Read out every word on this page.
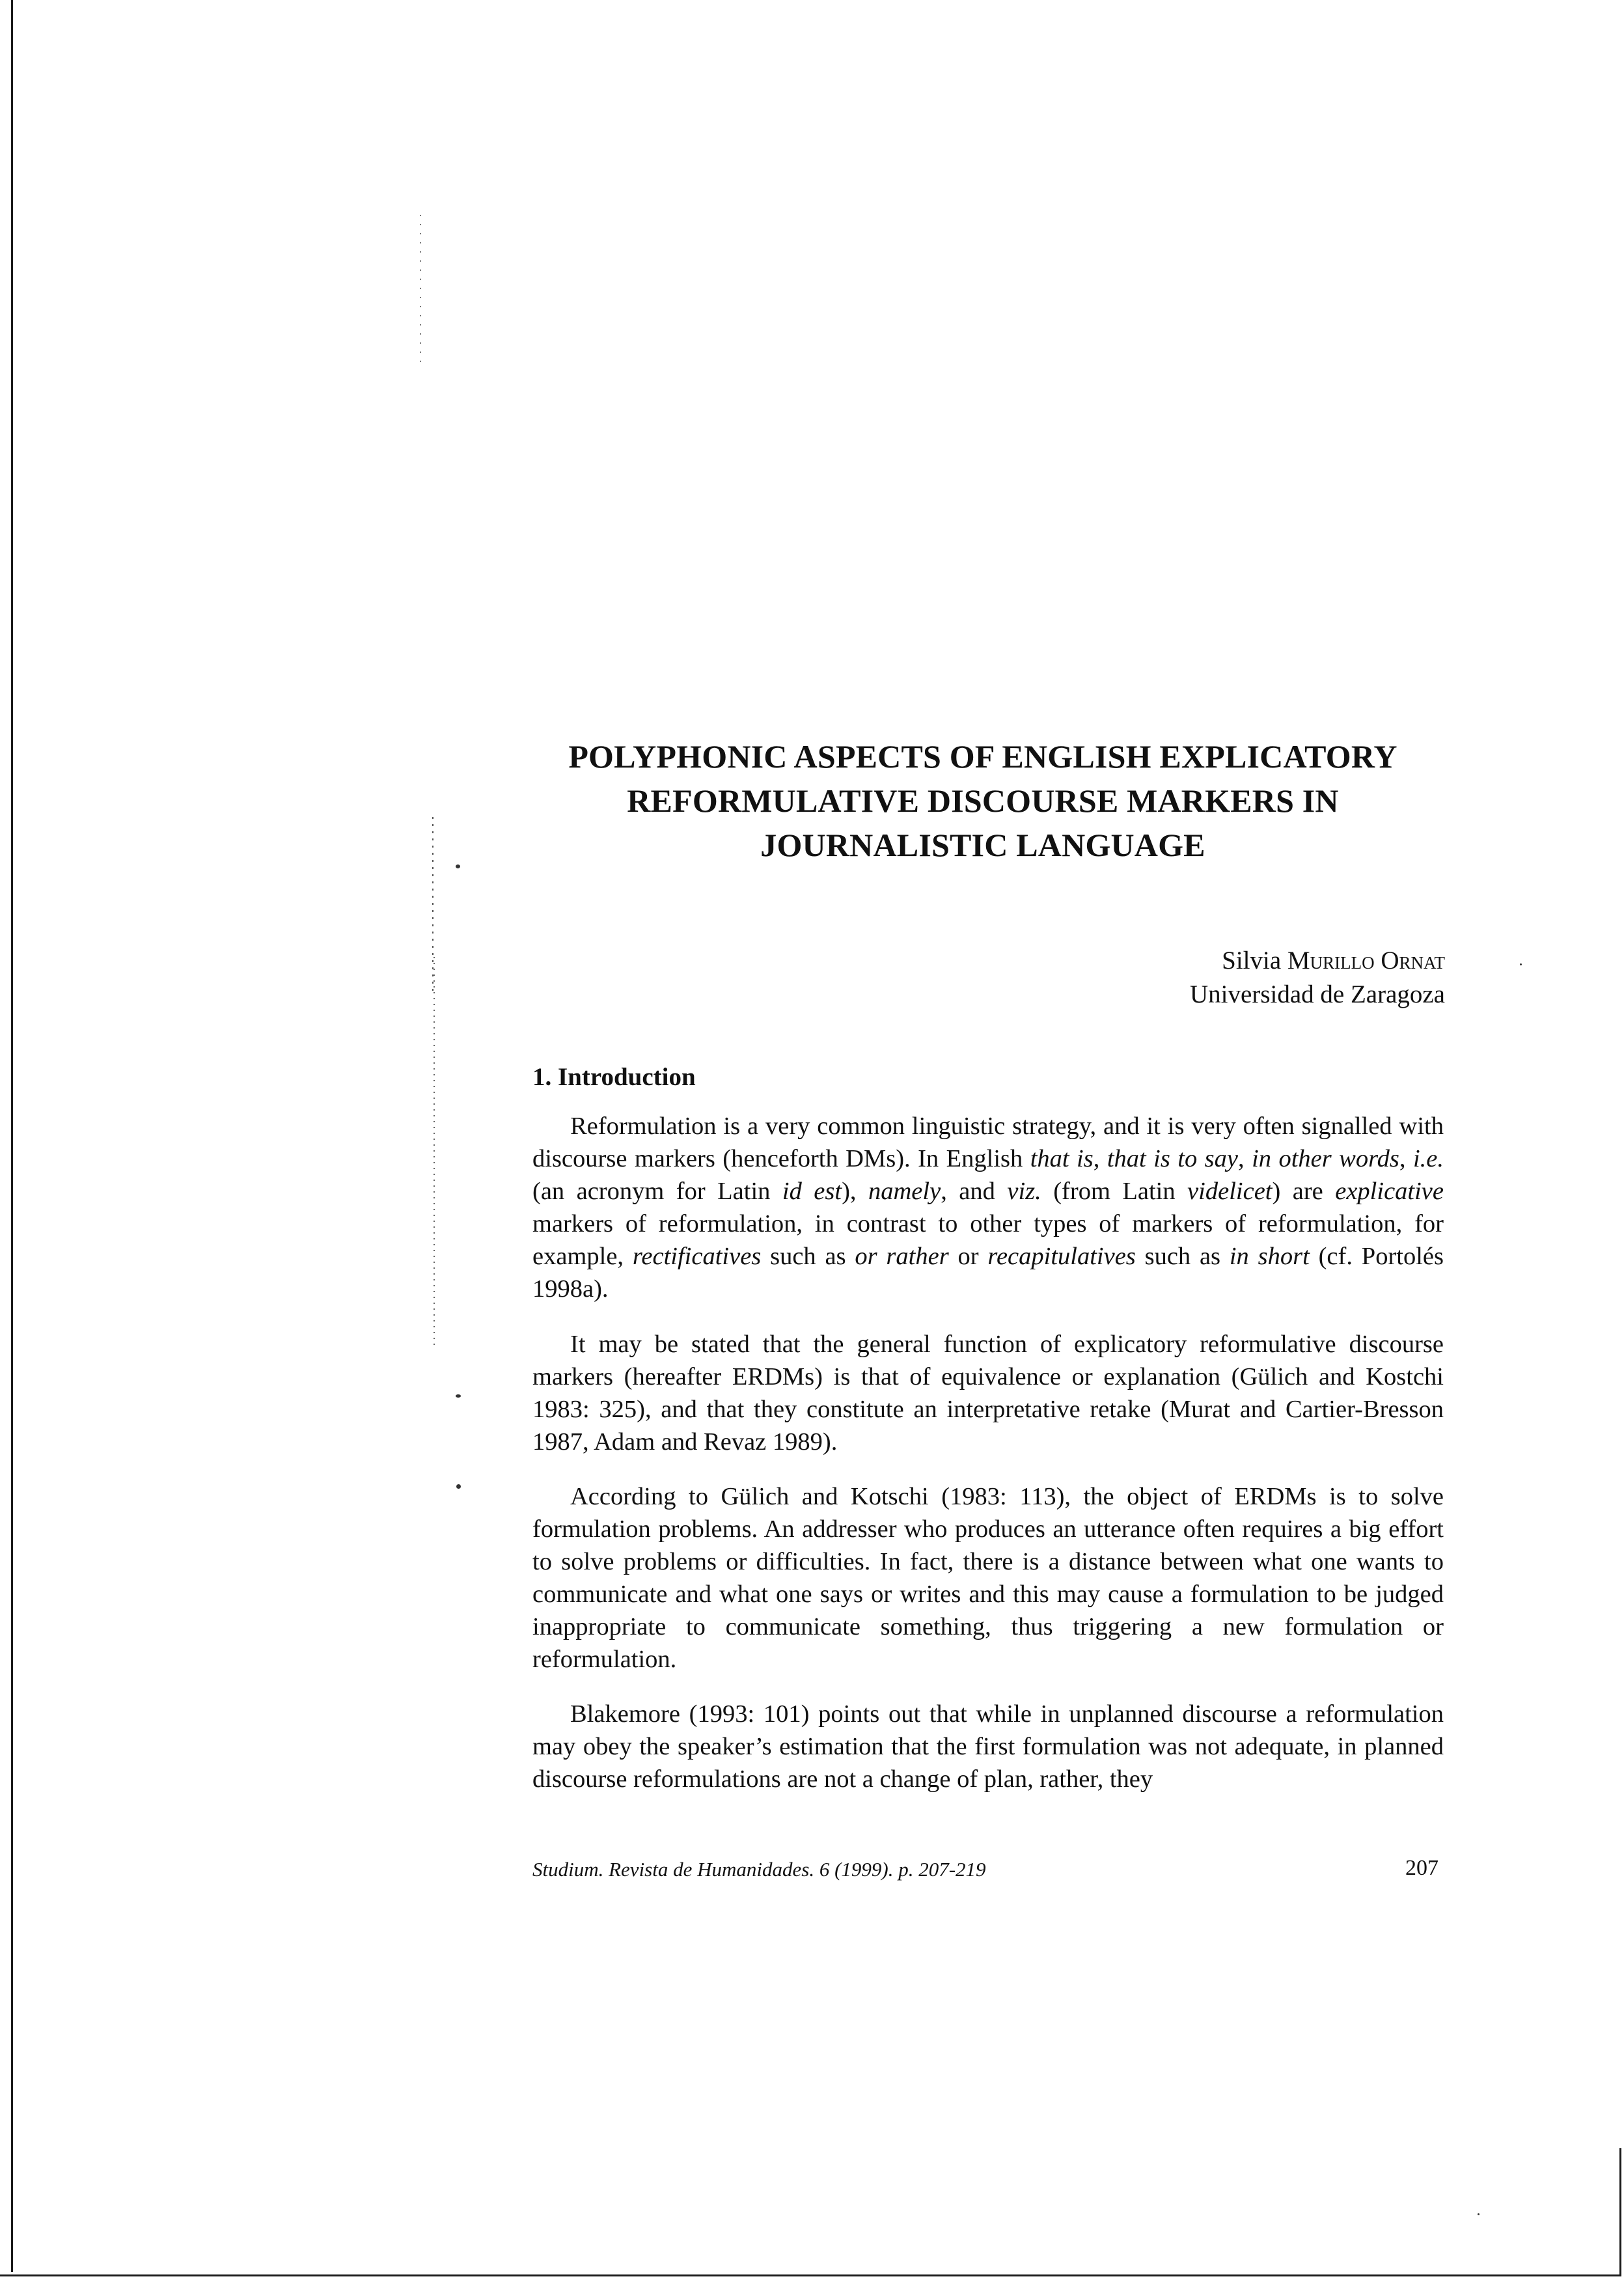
POLYPHONIC ASPECTS OF ENGLISH EXPLICATORY
REFORMULATIVE DISCOURSE MARKERS IN
JOURNALISTIC LANGUAGE
Silvia Murillo Ornat
Universidad de Zaragoza
1. Introduction

Reformulation is a very common linguistic strategy, and it is very often signalled with discourse markers (henceforth DMs). In English that is, that is to say, in other words, i.e. (an acronym for Latin id est), namely, and viz. (from Latin videlicet) are explicative markers of reformulation, in contrast to other types of markers of reformulation, for example, rectificatives such as or rather or recapitulatives such as in short (cf. Portolés 1998a).

It may be stated that the general function of explicatory reformulative discourse markers (hereafter ERDMs) is that of equivalence or explanation (Gülich and Kostchi 1983: 325), and that they constitute an interpretative retake (Murat and Cartier-Bresson 1987, Adam and Revaz 1989).

According to Gülich and Kotschi (1983: 113), the object of ERDMs is to solve formulation problems. An addresser who produces an utterance often requires a big effort to solve problems or difficulties. In fact, there is a distance between what one wants to communicate and what one says or writes and this may cause a formulation to be judged inappropriate to communicate something, thus triggering a new formulation or reformulation.

Blakemore (1993: 101) points out that while in unplanned discourse a reformulation may obey the speaker’s estimation that the first formulation was not adequate, in planned discourse reformulations are not a change of plan, rather, they

Studium. Revista de Humanidades. 6 (1999). p. 207-219	207
